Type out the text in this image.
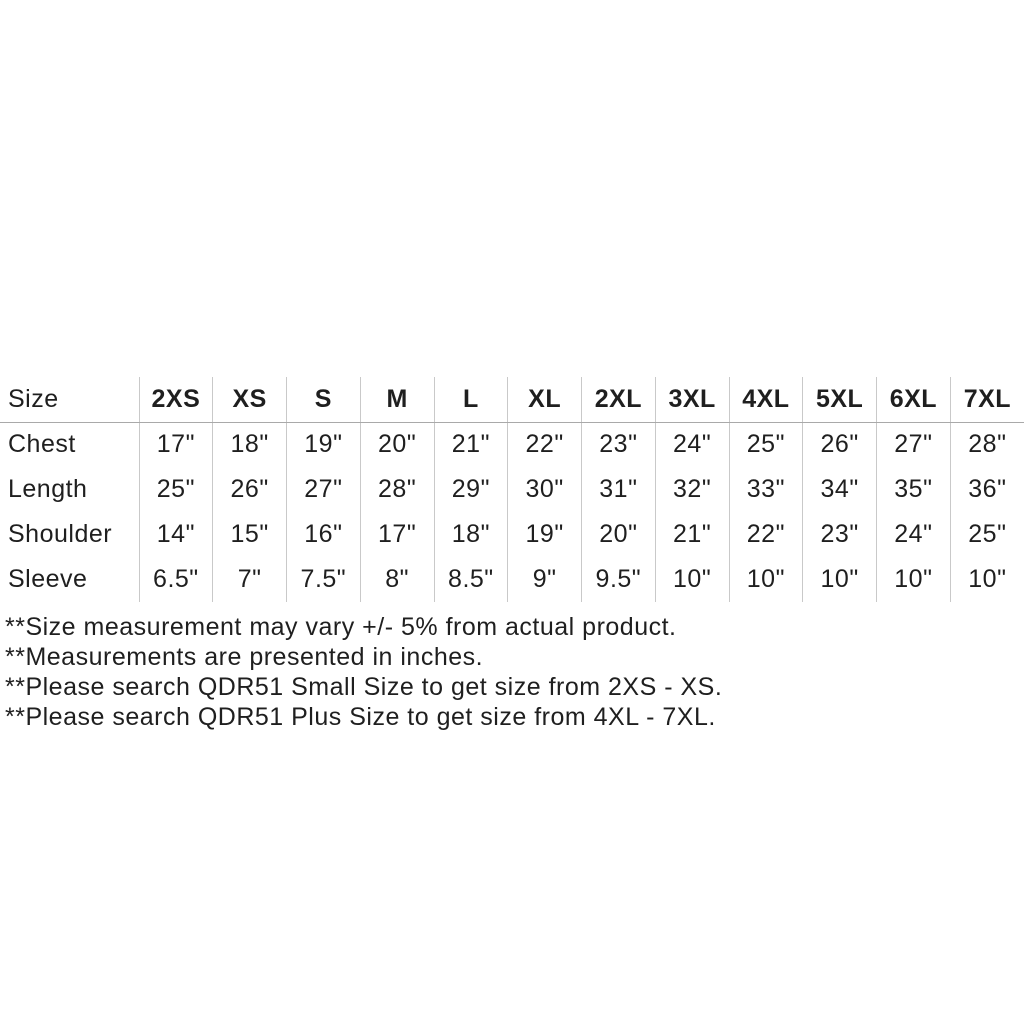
Size	2XS	XS	S	M	L	XL	2XL	3XL	4XL	5XL	6XL	7XL
Chest	17"	18"	19"	20"	21"	22"	23"	24"	25"	26"	27"	28"
Length	25"	26"	27"	28"	29"	30"	31"	32"	33"	34"	35"	36"
Shoulder	14"	15"	16"	17"	18"	19"	20"	21"	22"	23"	24"	25"
Sleeve	6.5"	7"	7.5"	8"	8.5"	9"	9.5"	10"	10"	10"	10"	10"
**Size measurement may vary +/- 5% from actual product.
**Measurements are presented in inches.
**Please search QDR51 Small Size to get size from 2XS - XS.
**Please search QDR51 Plus Size to get size from 4XL - 7XL.
